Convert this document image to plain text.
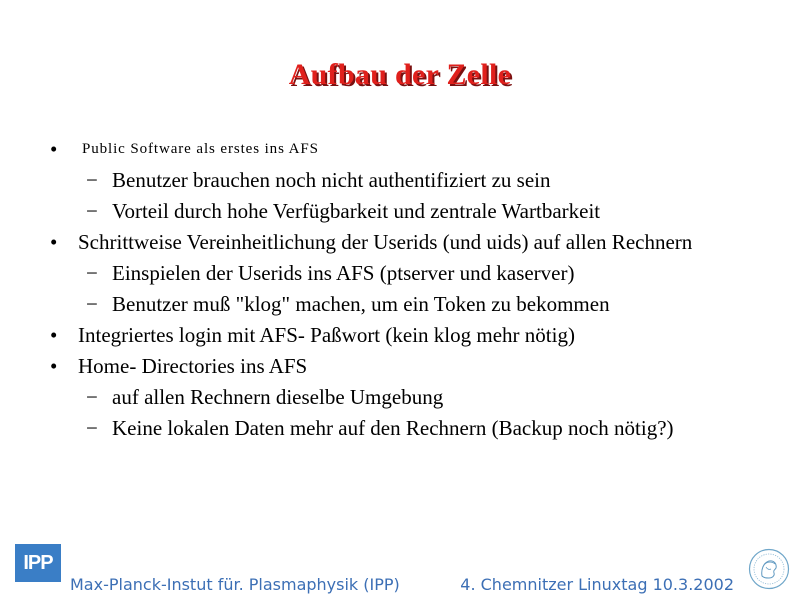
Aufbau der Zelle
• Public Software als erstes ins AFS
− Benutzer brauchen noch nicht authentifiziert zu sein
− Vorteil durch hohe Verfügbarkeit und zentrale Wartbarkeit
• Schrittweise Vereinheitlichung der Userids (und uids) auf allen Rechnern
− Einspielen der Userids ins AFS (ptserver und kaserver)
− Benutzer muß "klog" machen, um ein Token zu bekommen
• Integriertes login mit AFS- Paßwort (kein klog mehr nötig)
• Home- Directories ins AFS
− auf allen Rechnern dieselbe Umgebung
− Keine lokalen Daten mehr auf den Rechnern (Backup noch nötig?)
IPP
Max-Planck-Instut für. Plasmaphysik (IPP)	4. Chemnitzer Linuxtag 10.3.2002
